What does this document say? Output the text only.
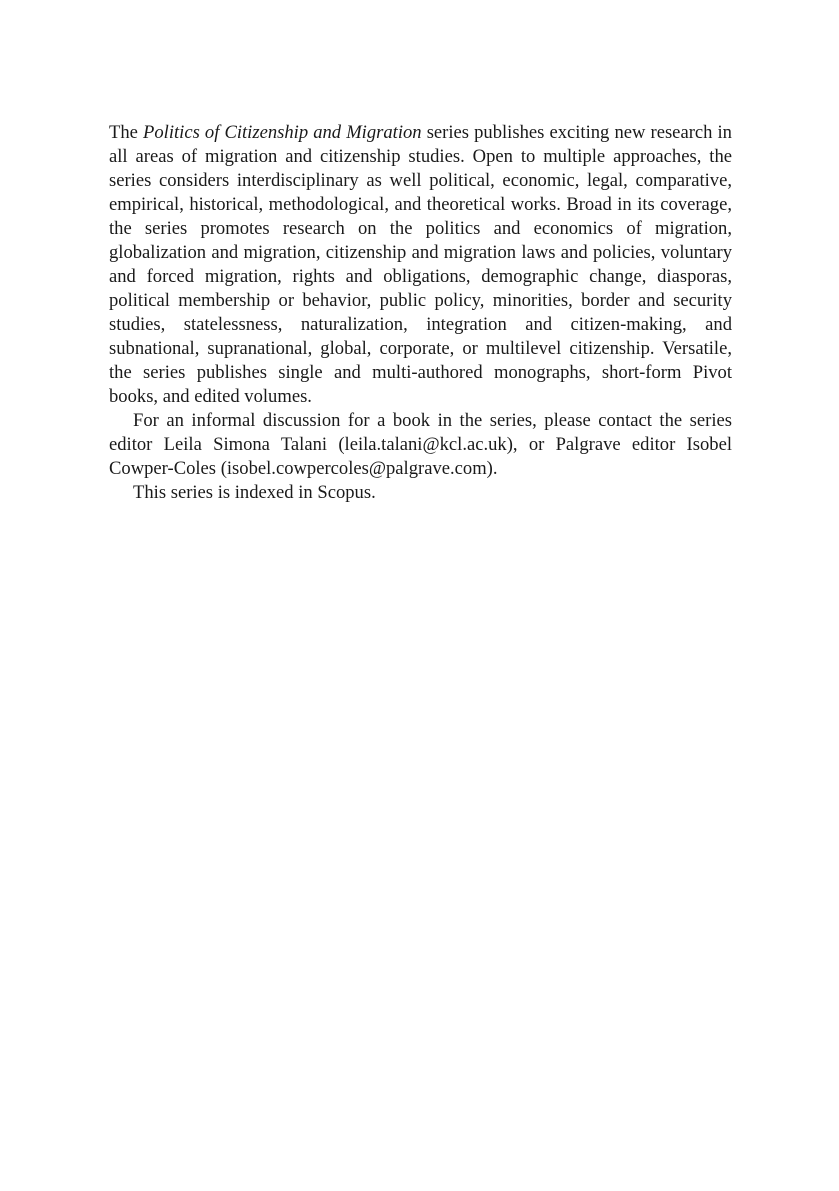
The Politics of Citizenship and Migration series publishes exciting new research in all areas of migration and citizenship studies. Open to multiple approaches, the series considers interdisciplinary as well political, economic, legal, comparative, empirical, historical, methodological, and theoretical works. Broad in its coverage, the series promotes research on the politics and economics of migration, globalization and migration, citizenship and migration laws and policies, voluntary and forced migration, rights and obligations, demographic change, diasporas, political membership or behavior, public policy, minorities, border and security studies, statelessness, naturalization, integration and citizen-making, and subnational, supranational, global, corporate, or multilevel citizenship. Versatile, the series publishes single and multi-authored monographs, short-form Pivot books, and edited volumes.

For an informal discussion for a book in the series, please contact the series editor Leila Simona Talani (leila.talani@kcl.ac.uk), or Palgrave editor Isobel Cowper-Coles (isobel.cowpercoles@palgrave.com).

This series is indexed in Scopus.
